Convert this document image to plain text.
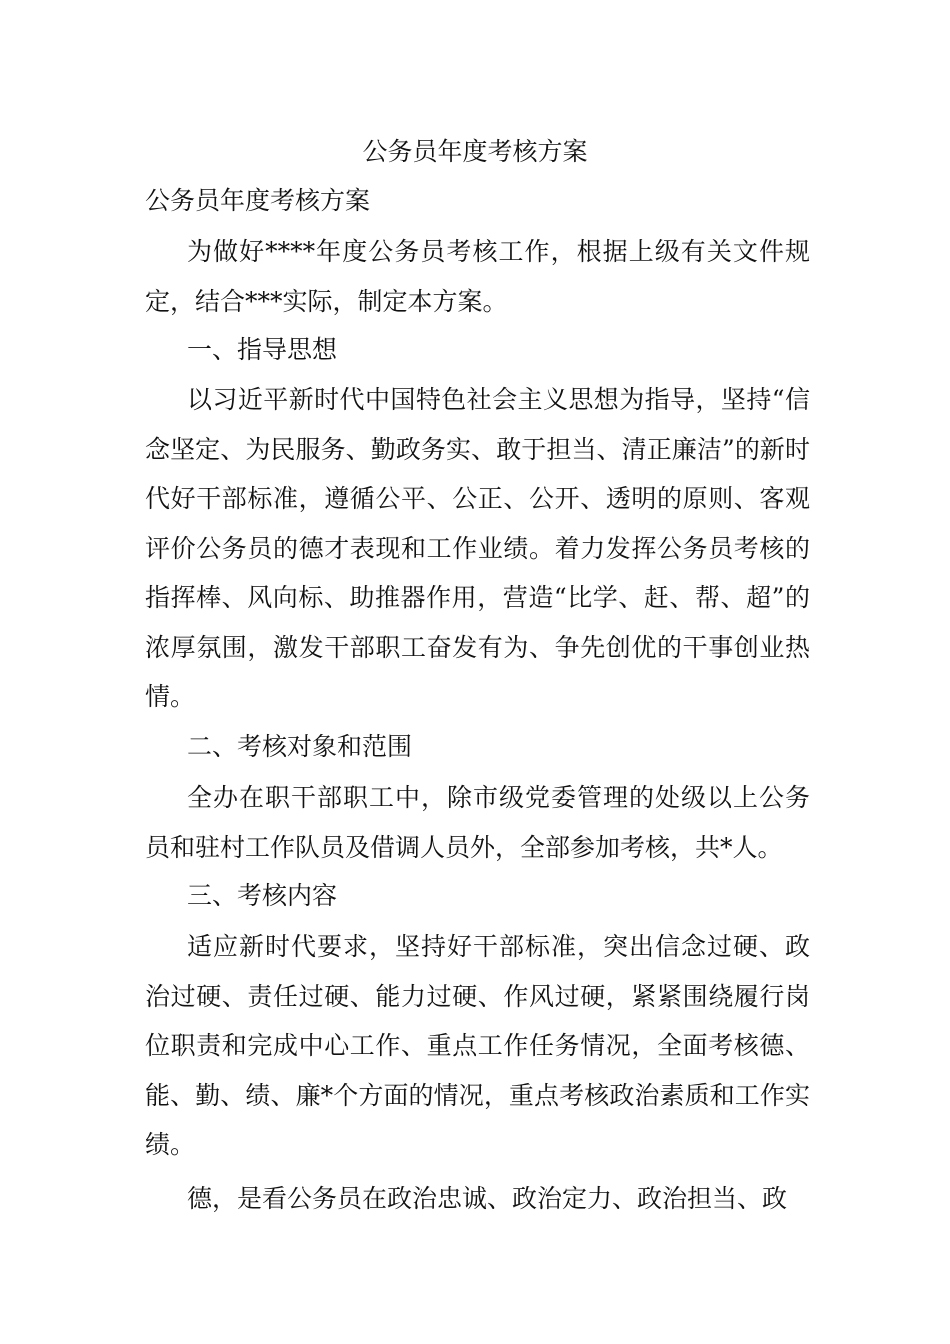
公务员年度考核方案
公务员年度考核方案

为做好****年度公务员考核工作，根据上级有关文件规定，结合***实际，制定本方案。

一、指导思想

以习近平新时代中国特色社会主义思想为指导，坚持“信念坚定、为民服务、勤政务实、敢于担当、清正廉洁”的新时代好干部标准，遵循公平、公正、公开、透明的原则、客观评价公务员的德才表现和工作业绩。着力发挥公务员考核的指挥棒、风向标、助推器作用，营造“比学、赶、帮、超”的浓厚氛围，激发干部职工奋发有为、争先创优的干事创业热情。

二、考核对象和范围

全办在职干部职工中，除市级党委管理的处级以上公务员和驻村工作队员及借调人员外，全部参加考核，共*人。

三、考核内容

适应新时代要求，坚持好干部标准，突出信念过硬、政治过硬、责任过硬、能力过硬、作风过硬，紧紧围绕履行岗位职责和完成中心工作、重点工作任务情况，全面考核德、能、勤、绩、廉*个方面的情况，重点考核政治素质和工作实绩。

德，是看公务员在政治忠诚、政治定力、政治担当、政
